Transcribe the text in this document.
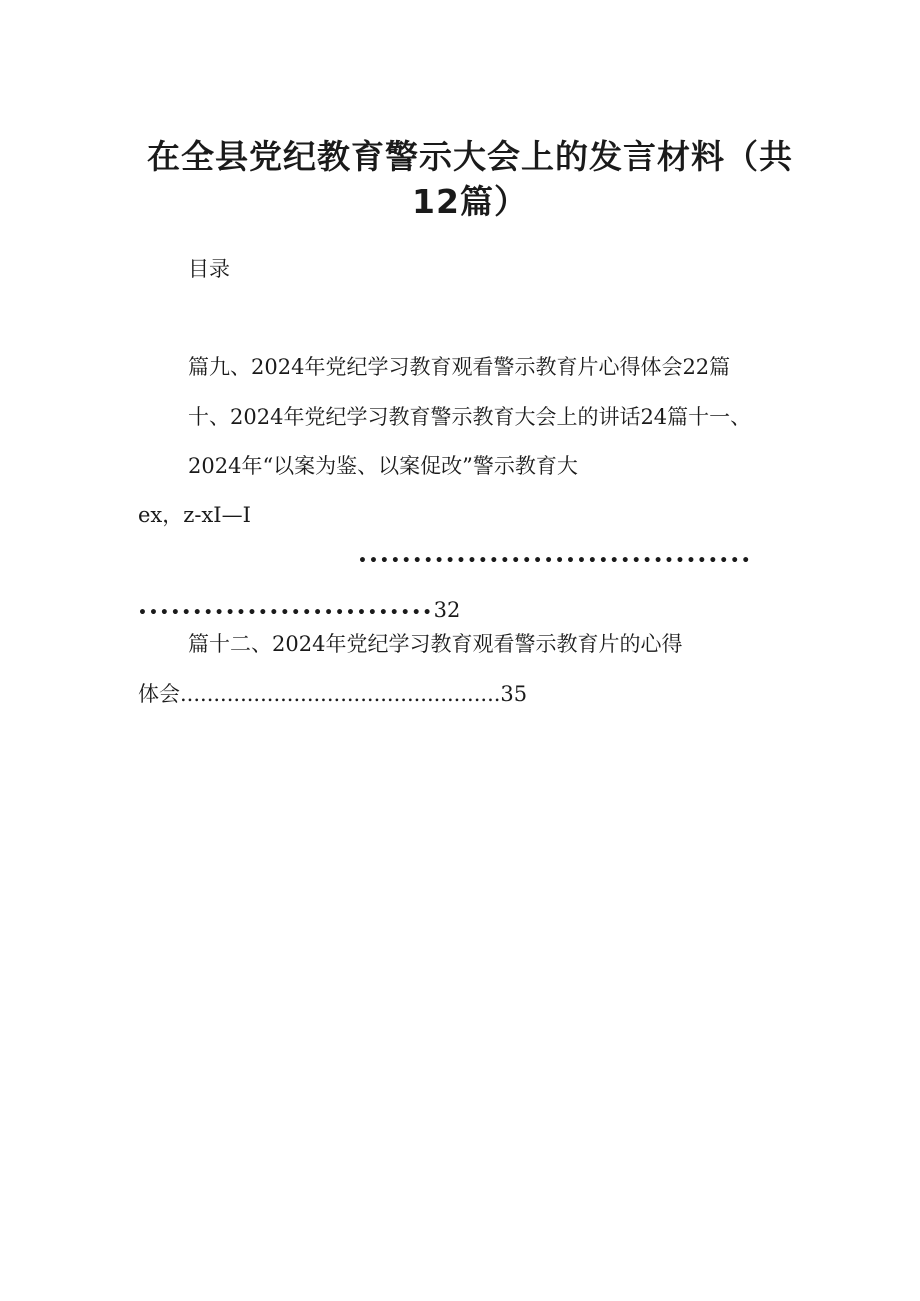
在全县党纪教育警示大会上的发言材料（共
12篇）
目录
篇九、2024年党纪学习教育观看警示教育片心得体会22篇
十、2024年党纪学习教育警示教育大会上的讲话24篇十一、
2024年“以案为鉴、以案促改”警示教育大
ex，z-xI—I
••••••••••••••••••••••••••••••••••••
•••••••••••••••••••••••••••32
篇十二、2024年党纪学习教育观看警示教育片的心得
体会................................................35
